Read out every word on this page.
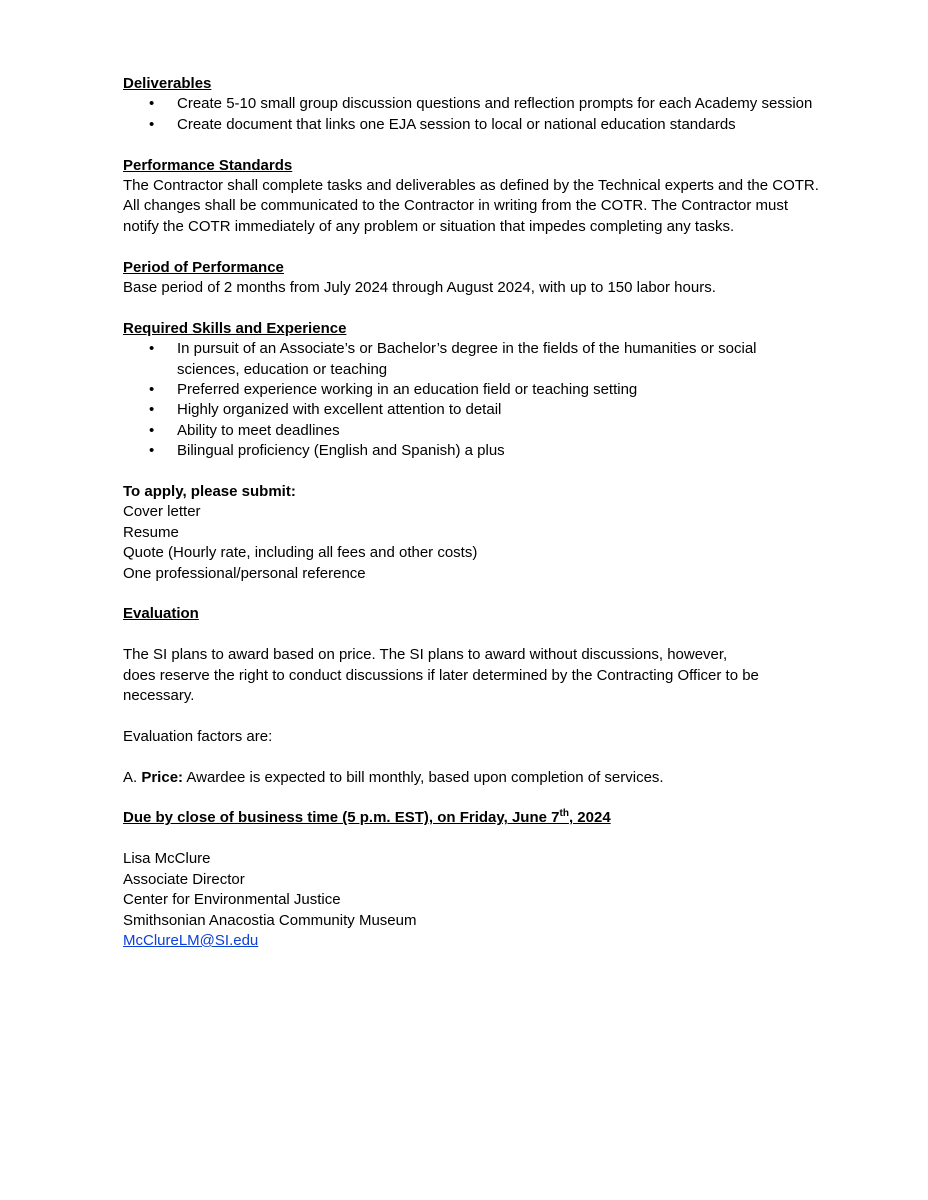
Deliverables
• Create 5-10 small group discussion questions and reflection prompts for each Academy session
• Create document that links one EJA session to local or national education standards
Performance Standards
The Contractor shall complete tasks and deliverables as defined by the Technical experts and the COTR. All changes shall be communicated to the Contractor in writing from the COTR. The Contractor must notify the COTR immediately of any problem or situation that impedes completing any tasks.
Period of Performance
Base period of 2 months from July 2024 through August 2024, with up to 150 labor hours.
Required Skills and Experience
• In pursuit of an Associate’s or Bachelor’s degree in the fields of the humanities or social sciences, education or teaching
• Preferred experience working in an education field or teaching setting
• Highly organized with excellent attention to detail
• Ability to meet deadlines
• Bilingual proficiency (English and Spanish) a plus
To apply, please submit:
Cover letter
Resume
Quote (Hourly rate, including all fees and other costs)
One professional/personal reference
Evaluation
The SI plans to award based on price. The SI plans to award without discussions, however, does reserve the right to conduct discussions if later determined by the Contracting Officer to be necessary.
Evaluation factors are:
A. Price: Awardee is expected to bill monthly, based upon completion of services.
Due by close of business time (5 p.m. EST), on Friday, June 7th, 2024
Lisa McClure
Associate Director
Center for Environmental Justice
Smithsonian Anacostia Community Museum
McClureLM@SI.edu
